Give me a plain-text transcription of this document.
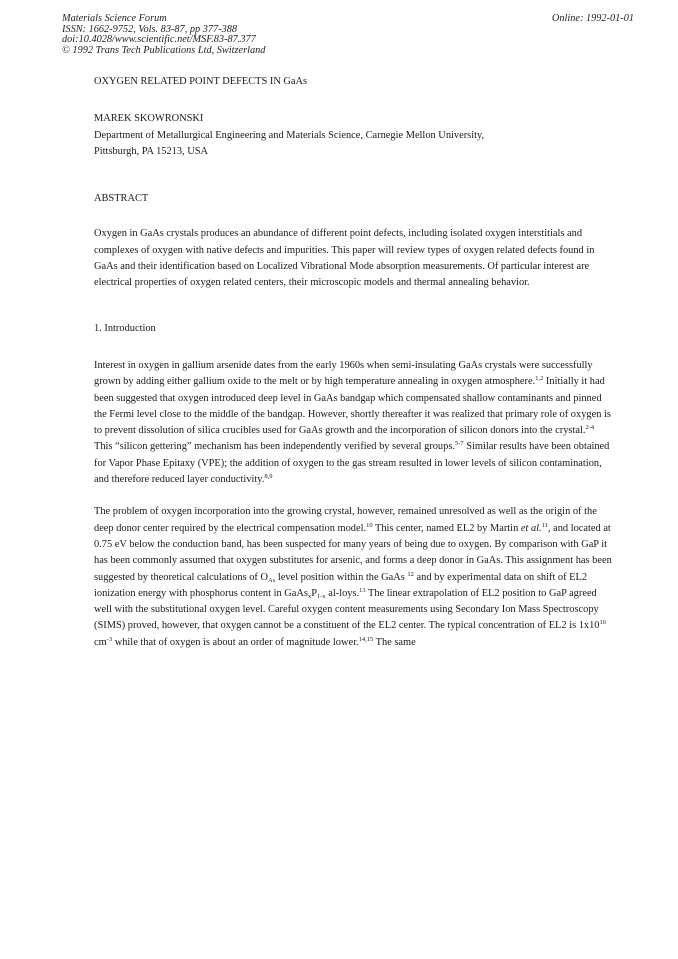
Materials Science Forum
ISSN: 1662-9752, Vols. 83-87, pp 377-388
doi:10.4028/www.scientific.net/MSF.83-87.377
© 1992 Trans Tech Publications Ltd, Switzerland
Online: 1992-01-01

OXYGEN RELATED POINT DEFECTS IN GaAs

MAREK SKOWRONSKI

Department of Metallurgical Engineering and Materials Science, Carnegie Mellon University,
Pittsburgh, PA 15213, USA

ABSTRACT

Oxygen in GaAs crystals produces an abundance of different point defects, including isolated oxygen interstitials and complexes of oxygen with native defects and impurities. This paper will review types of oxygen related defects found in GaAs and their identification based on Localized Vibrational Mode absorption measurements. Of particular interest are electrical properties of oxygen related centers, their microscopic models and thermal annealing behavior.

1. Introduction

Interest in oxygen in gallium arsenide dates from the early 1960s when semi-insulating GaAs crystals were successfully grown by adding either gallium oxide to the melt or by high temperature annealing in oxygen atmosphere.$^{1,2}$ Initially it had been suggested that oxygen introduced deep level in GaAs bandgap which compensated shallow contaminants and pinned the Fermi level close to the middle of the bandgap. However, shortly thereafter it was realized that primary role of oxygen is to prevent dissolution of silica crucibles used for GaAs growth and the incorporation of silicon donors into the crystal.$^{2-4}$ This “silicon gettering” mechanism has been independently verified by several groups.$^{5-7}$ Similar results have been obtained for Vapor Phase Epitaxy (VPE); the addition of oxygen to the gas stream resulted in lower levels of silicon contamination, and therefore reduced layer conductivity.$^{8,9}$

The problem of oxygen incorporation into the growing crystal, however, remained unresolved as well as the origin of the deep donor center required by the electrical compensation model.$^{10}$ This center, named EL2 by Martin et al.$^{11}$, and located at 0.75 eV below the conduction band, has been suspected for many years of being due to oxygen. By comparison with GaP it has been commonly assumed that oxygen substitutes for arsenic, and forms a deep donor in GaAs. This assignment has been suggested by theoretical calculations of $O_{As}$ level position within the GaAs $^{12}$ and by experimental data on shift of EL2 ionization energy with phosphorus content in $GaAs_xP_{1-x}$ al-loys.$^{13}$ The linear extrapolation of EL2 position to GaP agreed well with the substitutional oxygen level. Careful oxygen content measurements using Secondary Ion Mass Spectroscopy (SIMS) proved, however, that oxygen cannot be a constituent of the EL2 center. The typical concentration of EL2 is $1x10^{16}$ $cm^{-3}$ while that of oxygen is about an order of magnitude lower.$^{14,15}$ The same
